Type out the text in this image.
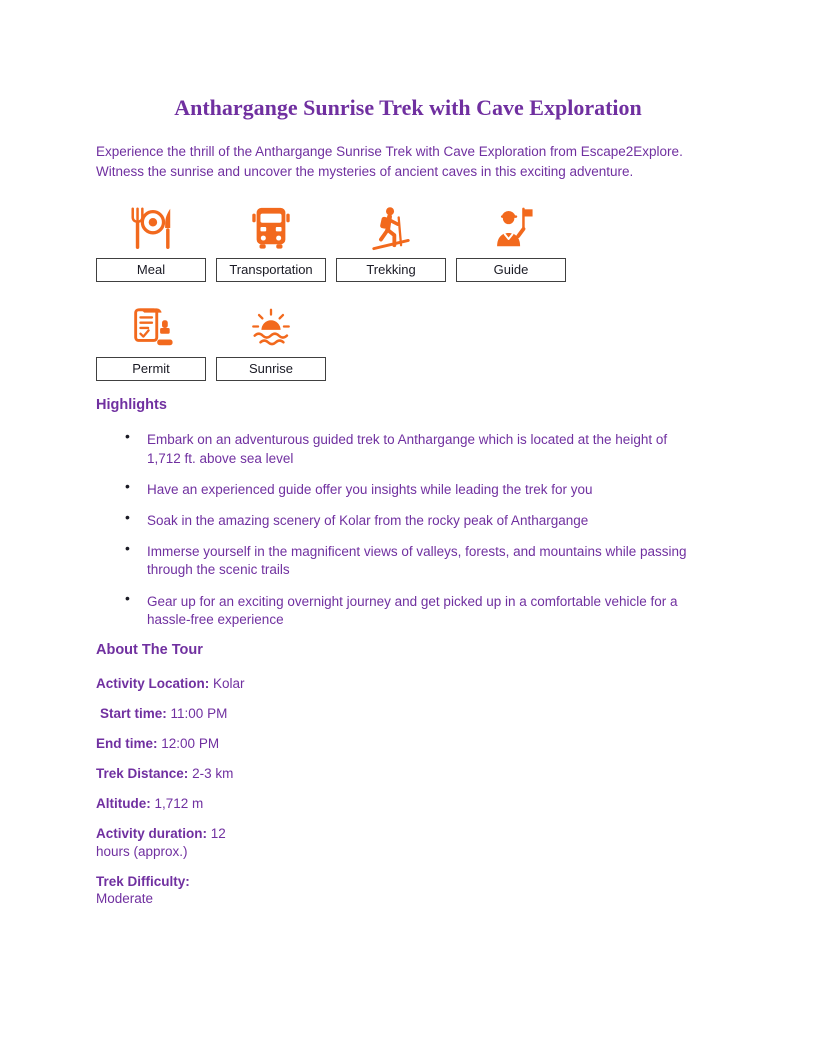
Anthargange Sunrise Trek with Cave Exploration

Experience the thrill of the Anthargange Sunrise Trek with Cave Exploration from Escape2Explore. Witness the sunrise and uncover the mysteries of ancient caves in this exciting adventure.

Meal	Transportation	Trekking	Guide
Permit	Sunrise
Highlights
• Embark on an adventurous guided trek to Anthargange which is located at the height of 1,712 ft. above sea level
• Have an experienced guide offer you insights while leading the trek for you
• Soak in the amazing scenery of Kolar from the rocky peak of Anthargange
• Immerse yourself in the magnificent views of valleys, forests, and mountains while passing through the scenic trails
• Gear up for an exciting overnight journey and get picked up in a comfortable vehicle for a hassle-free experience
About The Tour

Activity Location: Kolar

Start time: 11:00 PM

End time: 12:00 PM

Trek Distance: 2-3 km

Altitude: 1,712 m

Activity duration: 12
hours (approx.)

Trek Difficulty:
Moderate
